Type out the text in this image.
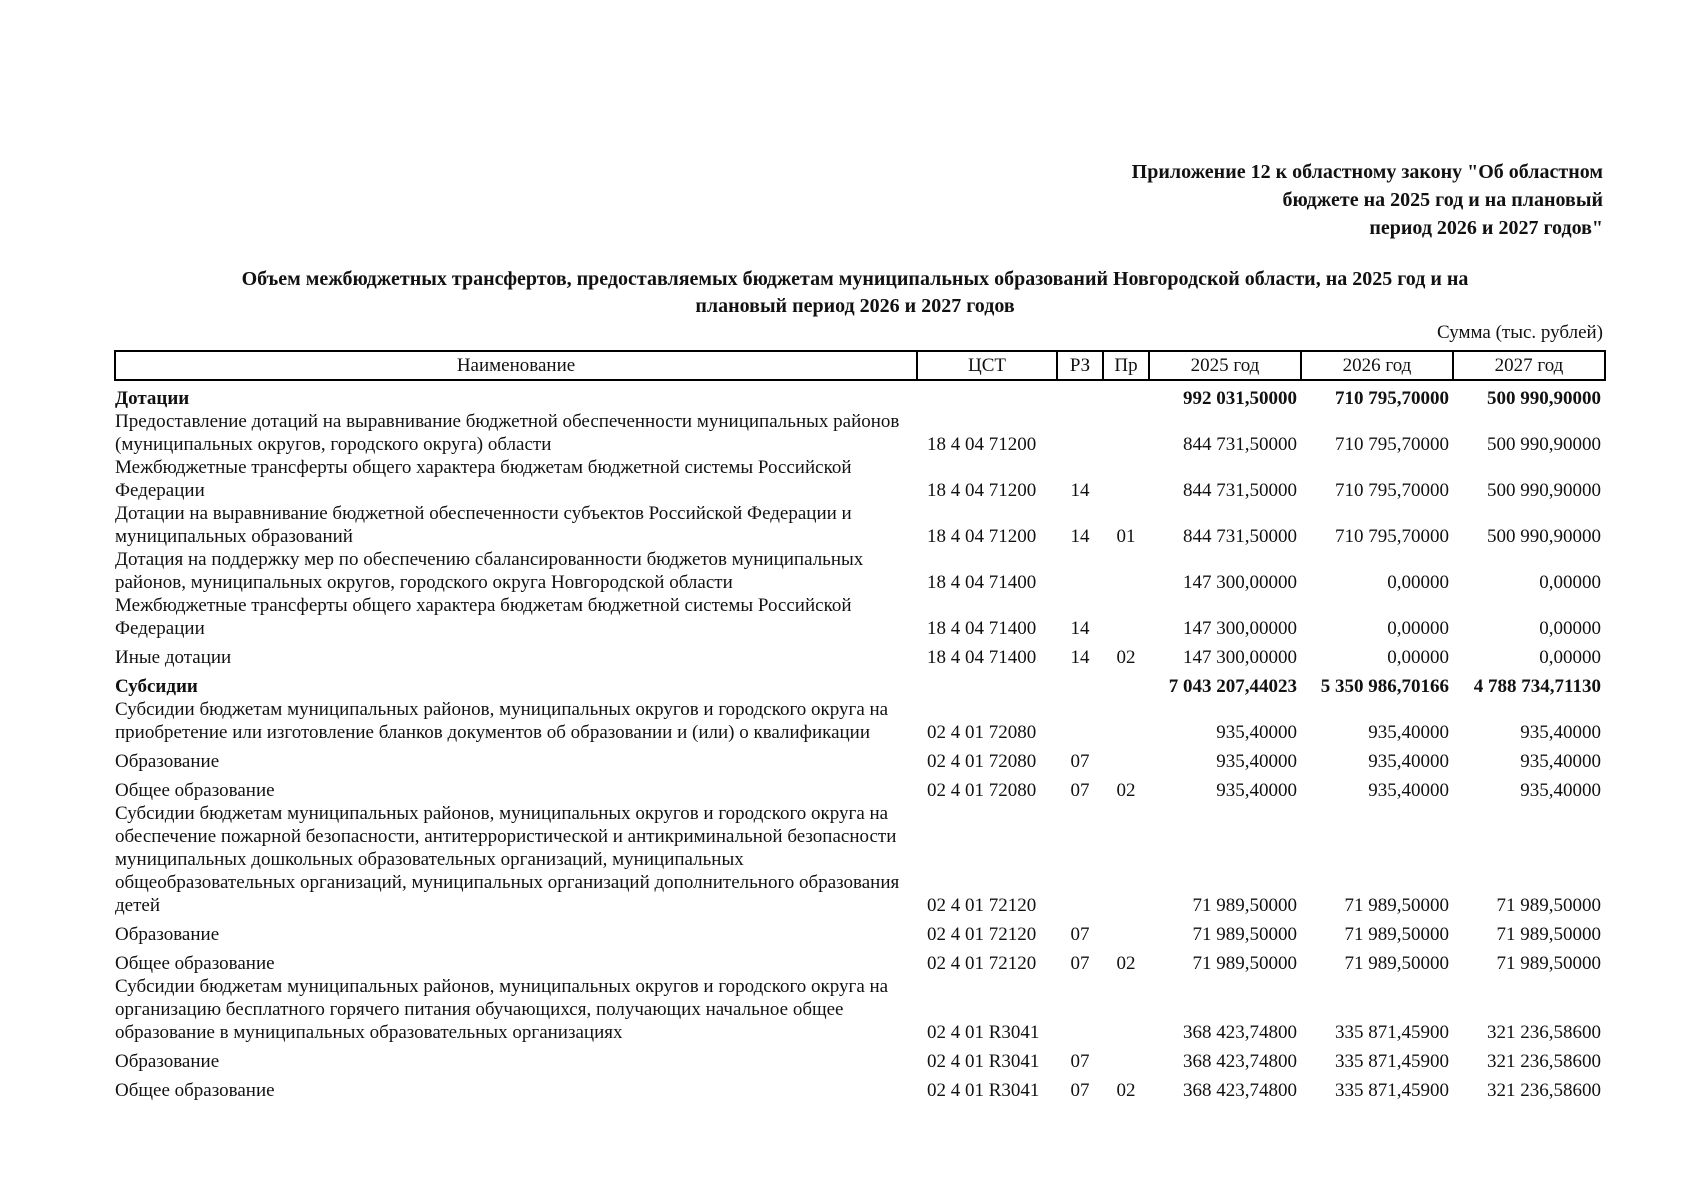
Приложение 12 к областному закону "Об областном
бюджете на 2025 год и на плановый
период 2026 и 2027 годов"
Объем межбюджетных трансфертов, предоставляемых бюджетам муниципальных образований Новгородской области, на 2025 год и на
плановый период 2026 и 2027 годов
Сумма (тыс. рублей)
Наименование	ЦСТ	РЗ	Пр	2025 год	2026 год	2027 год

Дотации				992 031,50000	710 795,70000	500 990,90000
Предоставление дотаций на выравнивание бюджетной обеспеченности муниципальных районов (муниципальных округов, городского округа) области	18 4 04 71200			844 731,50000	710 795,70000	500 990,90000
Межбюджетные трансферты общего характера бюджетам бюджетной системы Российской Федерации	18 4 04 71200	14		844 731,50000	710 795,70000	500 990,90000
Дотации на выравнивание бюджетной обеспеченности субъектов Российской Федерации и муниципальных образований	18 4 04 71200	14	01	844 731,50000	710 795,70000	500 990,90000
Дотация на поддержку мер по обеспечению сбалансированности бюджетов муниципальных районов, муниципальных округов, городского округа Новгородской области	18 4 04 71400			147 300,00000	0,00000	0,00000
Межбюджетные трансферты общего характера бюджетам бюджетной системы Российской Федерации	18 4 04 71400	14		147 300,00000	0,00000	0,00000

Иные дотации	18 4 04 71400	14	02	147 300,00000	0,00000	0,00000

Субсидии				7 043 207,44023	5 350 986,70166	4 788 734,71130
Субсидии бюджетам муниципальных районов, муниципальных округов и городского округа на приобретение или изготовление бланков документов об образовании и (или) о квалификации	02 4 01 72080			935,40000	935,40000	935,40000

Образование	02 4 01 72080	07		935,40000	935,40000	935,40000

Общее образование	02 4 01 72080	07	02	935,40000	935,40000	935,40000
Субсидии бюджетам муниципальных районов, муниципальных округов и городского округа на обеспечение пожарной безопасности, антитеррористической и антикриминальной безопасности муниципальных дошкольных образовательных организаций, муниципальных общеобразовательных организаций, муниципальных организаций дополнительного образования детей	02 4 01 72120			71 989,50000	71 989,50000	71 989,50000

Образование	02 4 01 72120	07		71 989,50000	71 989,50000	71 989,50000

Общее образование	02 4 01 72120	07	02	71 989,50000	71 989,50000	71 989,50000
Субсидии бюджетам муниципальных районов, муниципальных округов и городского округа на организацию бесплатного горячего питания обучающихся, получающих начальное общее образование в муниципальных образовательных организациях	02 4 01 R3041			368 423,74800	335 871,45900	321 236,58600

Образование	02 4 01 R3041	07		368 423,74800	335 871,45900	321 236,58600

Общее образование	02 4 01 R3041	07	02	368 423,74800	335 871,45900	321 236,58600
